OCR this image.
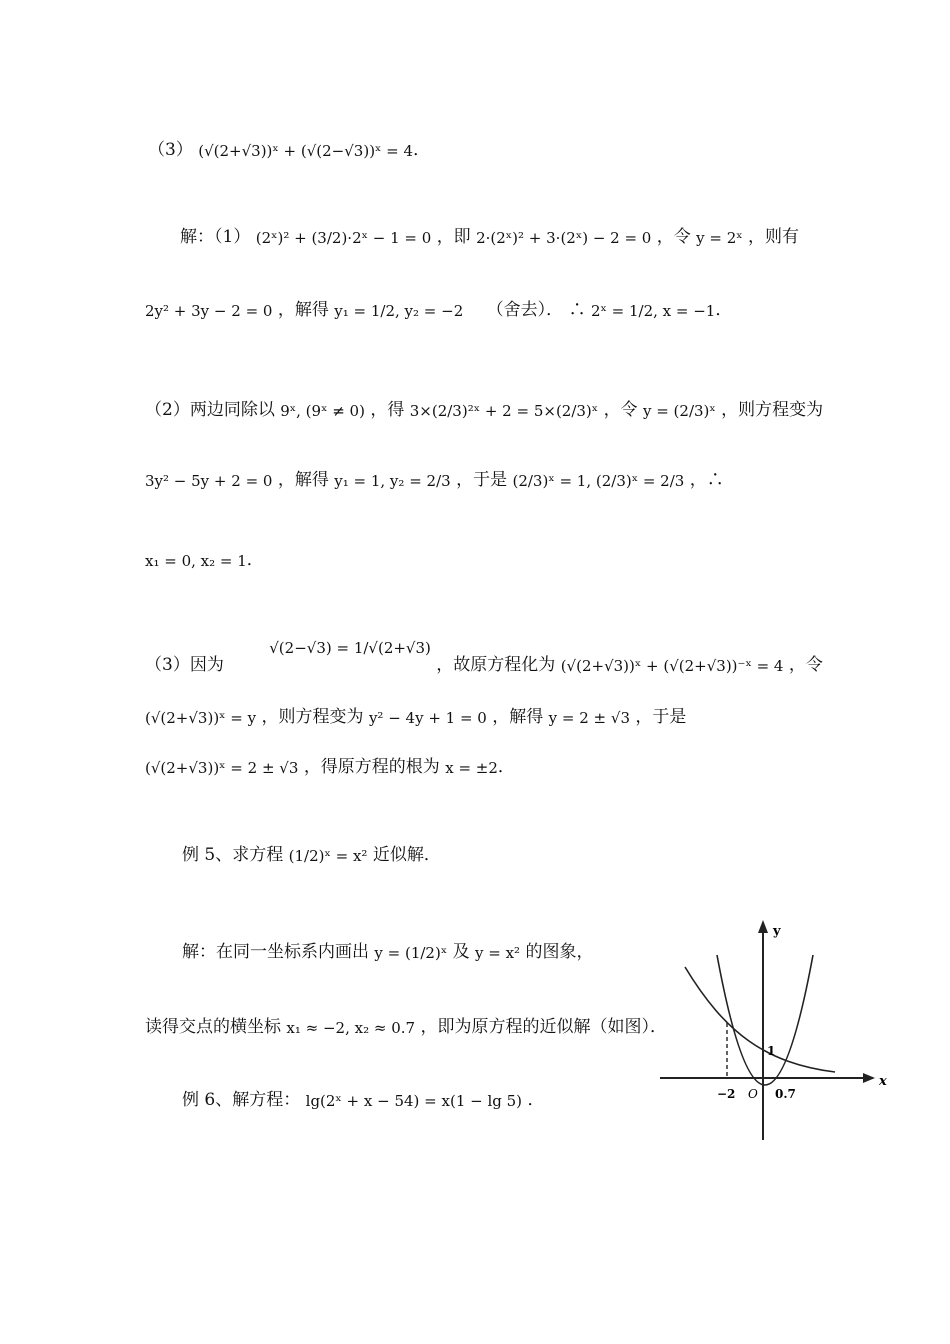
（3） (√(2+√3))ˣ + (√(2−√3))ˣ = 4．
解：（1） (2ˣ)² + (3/2)·2ˣ − 1 = 0 ，即 2·(2ˣ)² + 3·(2ˣ) − 2 = 0 ，令 y = 2ˣ ，则有
2y² + 3y − 2 = 0 ，解得 y₁ = 1/2, y₂ = −2 （舍去）． ∴ 2ˣ = 1/2, x = −1．
（2）两边同除以 9ˣ, (9ˣ ≠ 0) ，得 3×(2/3)²ˣ + 2 = 5×(2/3)ˣ ，令 y = (2/3)ˣ ，则方程变为
3y² − 5y + 2 = 0 ，解得 y₁ = 1, y₂ = 2/3 ，于是 (2/3)ˣ = 1, (2/3)ˣ = 2/3 ，∴
x₁ = 0, x₂ = 1．
（3）因为 √(2−√3) = 1/√(2+√3) ，故原方程化为 (√(2+√3))ˣ + (√(2+√3))⁻ˣ = 4 ，令
(√(2+√3))ˣ = y ，则方程变为 y² − 4y + 1 = 0 ，解得 y = 2 ± √3 ，于是
(√(2+√3))ˣ = 2 ± √3 ，得原方程的根为 x = ±2．
例 5、求方程 (1/2)ˣ = x² 近似解．
解：在同一坐标系内画出 y = (1/2)ˣ 及 y = x² 的图象，
读得交点的横坐标 x₁ ≈ −2, x₂ ≈ 0.7 ，即为原方程的近似解（如图）．
例 6、解方程： lg(2ˣ + x − 54) = x(1 − lg 5) ．
y
x
O
−2	0.7
1
